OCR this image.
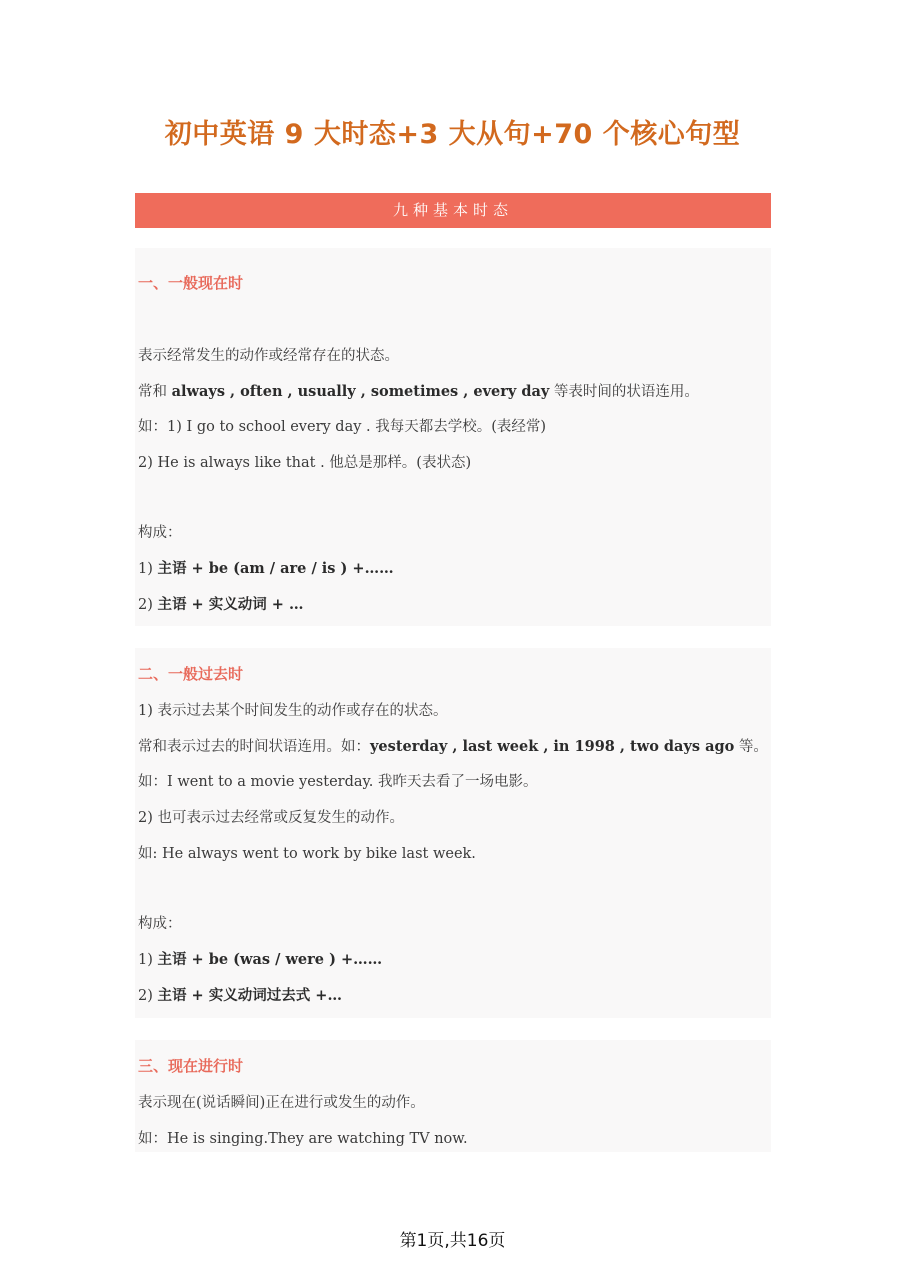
初中英语 9 大时态+3 大从句+70 个核心句型
九种基本时态
一、一般现在时
表示经常发生的动作或经常存在的状态。
常和 always , often , usually , sometimes , every day 等表时间的状语连用。
如：1) I go to school every day . 我每天都去学校。(表经常)
2) He is always like that . 他总是那样。(表状态)
构成：
1) 主语 + be (am / are / is ) +……
2) 主语 + 实义动词 + …
二、一般过去时
1) 表示过去某个时间发生的动作或存在的状态。
常和表示过去的时间状语连用。如：yesterday , last week , in 1998 , two days ago 等。
如：I went to a movie yesterday. 我昨天去看了一场电影。
2) 也可表示过去经常或反复发生的动作。
如: He always went to work by bike last week.
构成：
1) 主语 + be (was / were ) +……
2) 主语 + 实义动词过去式 +…
三、现在进行时
表示现在(说话瞬间)正在进行或发生的动作。
如：He is singing.They are watching TV now.
第1页,共16页
